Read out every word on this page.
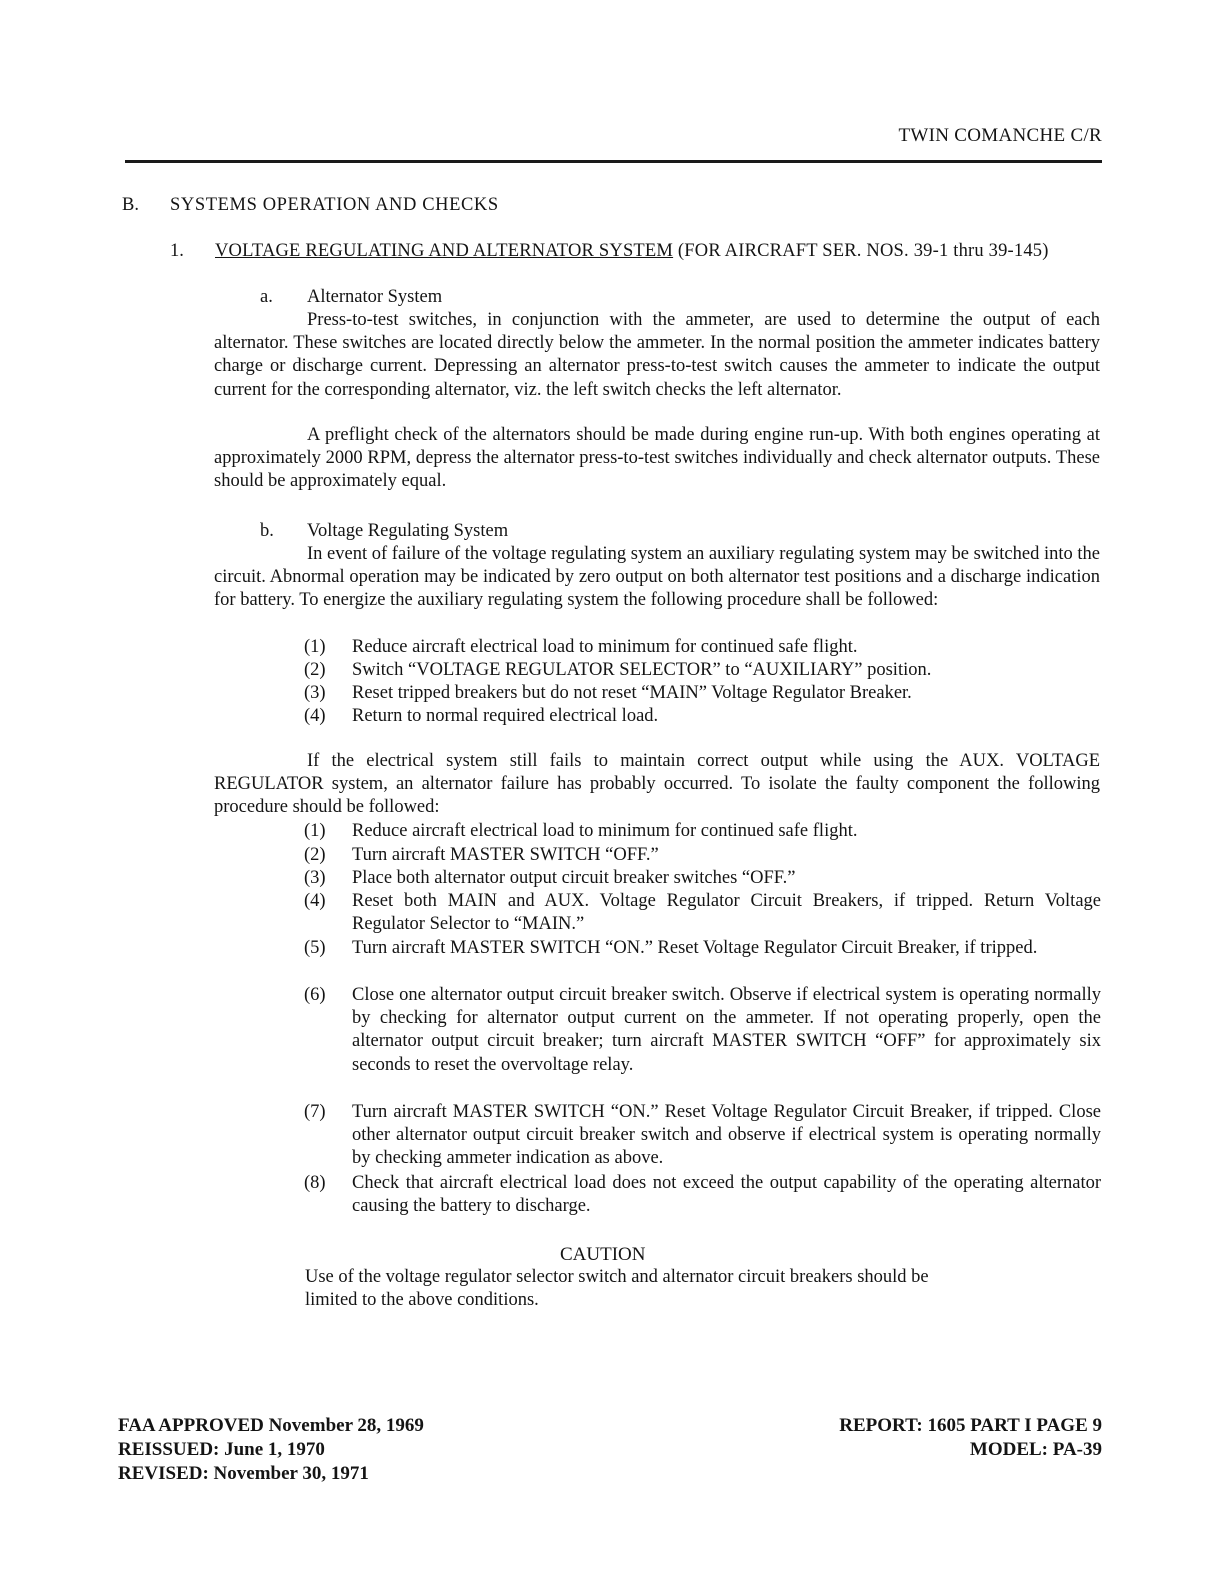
TWIN COMANCHE C/R
B. SYSTEMS OPERATION AND CHECKS
1. VOLTAGE REGULATING AND ALTERNATOR SYSTEM (FOR AIRCRAFT SER. NOS. 39-1 thru 39-145)
a. Alternator System
Press-to-test switches, in conjunction with the ammeter, are used to determine the output of each alternator. These switches are located directly below the ammeter. In the normal position the ammeter indicates battery charge or discharge current. Depressing an alternator press-to-test switch causes the ammeter to indicate the output current for the corresponding alternator, viz. the left switch checks the left alternator.
A preflight check of the alternators should be made during engine run-up. With both engines operating at approximately 2000 RPM, depress the alternator press-to-test switches individually and check alternator outputs. These should be approximately equal.
b. Voltage Regulating System
In event of failure of the voltage regulating system an auxiliary regulating system may be switched into the circuit. Abnormal operation may be indicated by zero output on both alternator test positions and a discharge indication for battery. To energize the auxiliary regulating system the following procedure shall be followed:
(1) Reduce aircraft electrical load to minimum for continued safe flight.
(2) Switch “VOLTAGE REGULATOR SELECTOR” to “AUXILIARY” position.
(3) Reset tripped breakers but do not reset “MAIN” Voltage Regulator Breaker.
(4) Return to normal required electrical load.
If the electrical system still fails to maintain correct output while using the AUX. VOLTAGE REGULATOR system, an alternator failure has probably occurred. To isolate the faulty component the following procedure should be followed:
(1) Reduce aircraft electrical load to minimum for continued safe flight.
(2) Turn aircraft MASTER SWITCH “OFF.”
(3) Place both alternator output circuit breaker switches “OFF.”
(4) Reset both MAIN and AUX. Voltage Regulator Circuit Breakers, if tripped. Return Voltage Regulator Selector to “MAIN.”
(5) Turn aircraft MASTER SWITCH “ON.” Reset Voltage Regulator Circuit Breaker, if tripped.
(6) Close one alternator output circuit breaker switch. Observe if electrical system is operating normally by checking for alternator output current on the ammeter. If not operating properly, open the alternator output circuit breaker; turn aircraft MASTER SWITCH “OFF” for approximately six seconds to reset the overvoltage relay.
(7) Turn aircraft MASTER SWITCH “ON.” Reset Voltage Regulator Circuit Breaker, if tripped. Close other alternator output circuit breaker switch and observe if electrical system is operating normally by checking ammeter indication as above.
(8) Check that aircraft electrical load does not exceed the output capability of the operating alternator causing the battery to discharge.
CAUTION
Use of the voltage regulator selector switch and alternator circuit breakers should be limited to the above conditions.
FAA APPROVED November 28, 1969
REISSUED: June 1, 1970
REVISED: November 30, 1971
REPORT: 1605 PART I PAGE 9
MODEL: PA-39
